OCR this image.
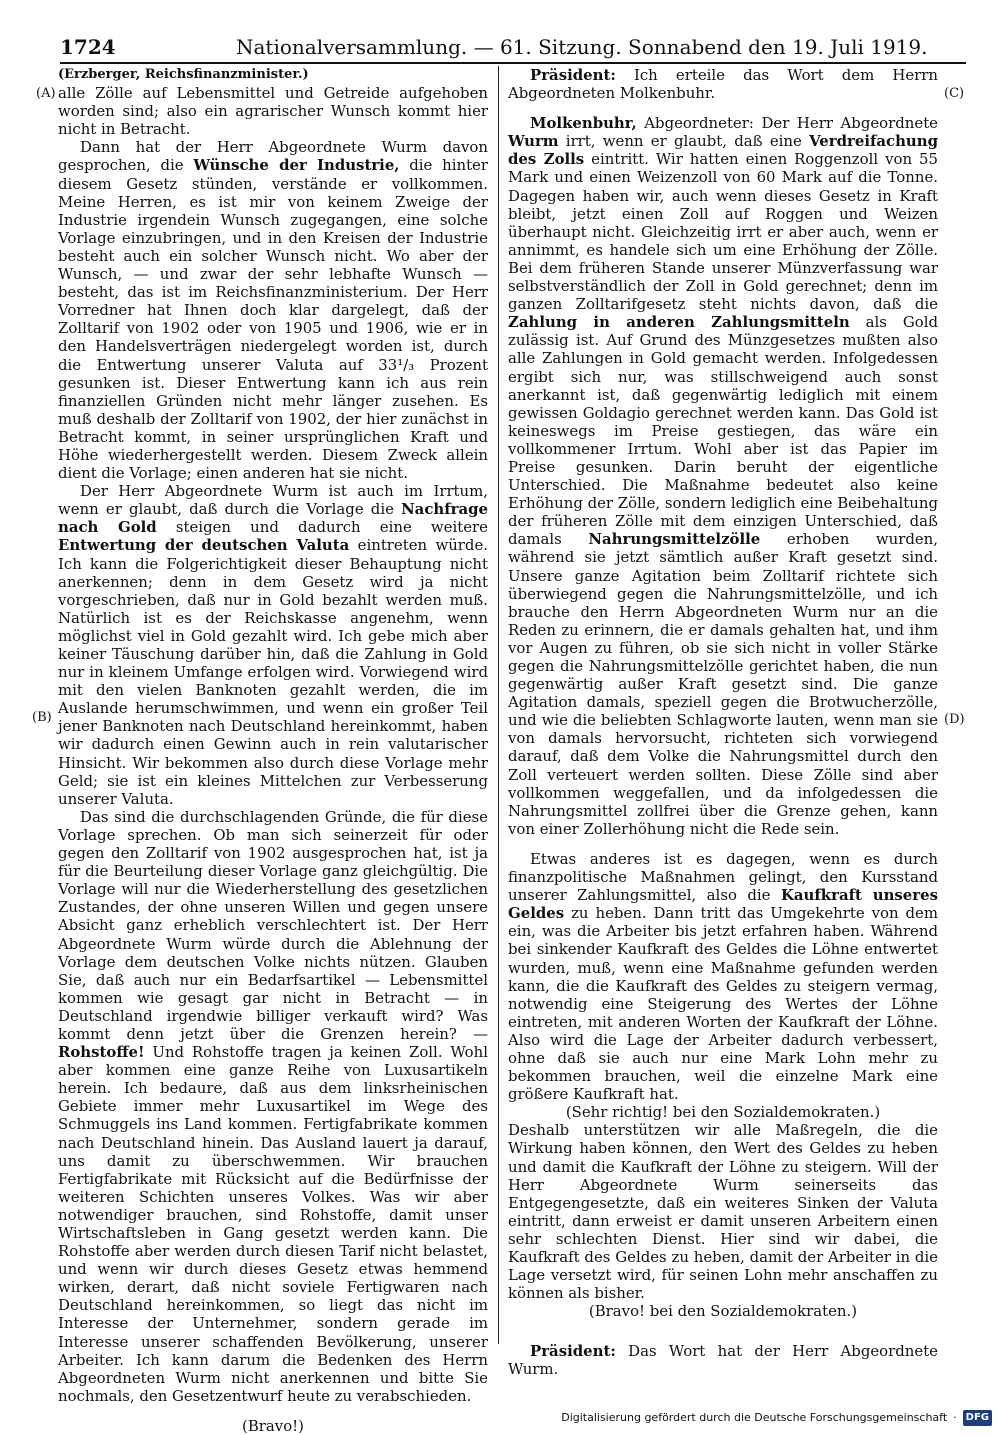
1724	Nationalversammlung. — 61. Sitzung. Sonnabend den 19. Juli 1919.
(A)
(B)
(C)
(D)

(Erzberger, Reichsfinanzminister.)

alle Zölle auf Lebensmittel und Getreide aufgehoben worden sind; also ein agrarischer Wunsch kommt hier nicht in Betracht.

Dann hat der Herr Abgeordnete Wurm davon gesprochen, die Wünsche der Industrie, die hinter diesem Gesetz stünden, verstände er vollkommen. Meine Herren, es ist mir von keinem Zweige der Industrie irgendein Wunsch zugegangen, eine solche Vorlage einzubringen, und in den Kreisen der Industrie besteht auch ein solcher Wunsch nicht. Wo aber der Wunsch, — und zwar der sehr lebhafte Wunsch — besteht, das ist im Reichsfinanzministerium. Der Herr Vorredner hat Ihnen doch klar dargelegt, daß der Zolltarif von 1902 oder von 1905 und 1906, wie er in den Handelsverträgen niedergelegt worden ist, durch die Entwertung unserer Valuta auf 33¹/₃ Prozent gesunken ist. Dieser Entwertung kann ich aus rein finanziellen Gründen nicht mehr länger zusehen. Es muß deshalb der Zolltarif von 1902, der hier zunächst in Betracht kommt, in seiner ursprünglichen Kraft und Höhe wiederhergestellt werden. Diesem Zweck allein dient die Vorlage; einen anderen hat sie nicht.

Der Herr Abgeordnete Wurm ist auch im Irrtum, wenn er glaubt, daß durch die Vorlage die Nachfrage nach Gold steigen und dadurch eine weitere Entwertung der deutschen Valuta eintreten würde. Ich kann die Folgerichtigkeit dieser Behauptung nicht anerkennen; denn in dem Gesetz wird ja nicht vorgeschrieben, daß nur in Gold bezahlt werden muß. Natürlich ist es der Reichskasse angenehm, wenn möglichst viel in Gold gezahlt wird. Ich gebe mich aber keiner Täuschung darüber hin, daß die Zahlung in Gold nur in kleinem Umfange erfolgen wird. Vorwiegend wird mit den vielen Banknoten gezahlt werden, die im Auslande herumschwimmen, und wenn ein großer Teil jener Banknoten nach Deutschland hereinkommt, haben wir dadurch einen Gewinn auch in rein valutarischer Hinsicht. Wir bekommen also durch diese Vorlage mehr Geld; sie ist ein kleines Mittelchen zur Verbesserung unserer Valuta.

Das sind die durchschlagenden Gründe, die für diese Vorlage sprechen. Ob man sich seinerzeit für oder gegen den Zolltarif von 1902 ausgesprochen hat, ist ja für die Beurteilung dieser Vorlage ganz gleichgültig. Die Vorlage will nur die Wiederherstellung des gesetzlichen Zustandes, der ohne unseren Willen und gegen unsere Absicht ganz erheblich verschlechtert ist. Der Herr Abgeordnete Wurm würde durch die Ablehnung der Vorlage dem deutschen Volke nichts nützen. Glauben Sie, daß auch nur ein Bedarfsartikel — Lebensmittel kommen wie gesagt gar nicht in Betracht — in Deutschland irgendwie billiger verkauft wird? Was kommt denn jetzt über die Grenzen herein? — Rohstoffe! Und Rohstoffe tragen ja keinen Zoll. Wohl aber kommen eine ganze Reihe von Luxusartikeln herein. Ich bedaure, daß aus dem linksrheinischen Gebiete immer mehr Luxusartikel im Wege des Schmuggels ins Land kommen. Fertigfabrikate kommen nach Deutschland hinein. Das Ausland lauert ja darauf, uns damit zu überschwemmen. Wir brauchen Fertigfabrikate mit Rücksicht auf die Bedürfnisse der weiteren Schichten unseres Volkes. Was wir aber notwendiger brauchen, sind Rohstoffe, damit unser Wirtschaftsleben in Gang gesetzt werden kann. Die Rohstoffe aber werden durch diesen Tarif nicht belastet, und wenn wir durch dieses Gesetz etwas hemmend wirken, derart, daß nicht soviele Fertigwaren nach Deutschland hereinkommen, so liegt das nicht im Interesse der Unternehmer, sondern gerade im Interesse unserer schaffenden Bevölkerung, unserer Arbeiter. Ich kann darum die Bedenken des Herrn Abgeordneten Wurm nicht anerkennen und bitte Sie nochmals, den Gesetzentwurf heute zu verabschieden.

(Bravo!)

Präsident: Ich erteile das Wort dem Herrn Abgeordneten Molkenbuhr.

Molkenbuhr, Abgeordneter: Der Herr Abgeordnete Wurm irrt, wenn er glaubt, daß eine Verdreifachung des Zolls eintritt. Wir hatten einen Roggenzoll von 55 Mark und einen Weizenzoll von 60 Mark auf die Tonne. Dagegen haben wir, auch wenn dieses Gesetz in Kraft bleibt, jetzt einen Zoll auf Roggen und Weizen überhaupt nicht. Gleichzeitig irrt er aber auch, wenn er annimmt, es handele sich um eine Erhöhung der Zölle. Bei dem früheren Stande unserer Münzverfassung war selbstverständlich der Zoll in Gold gerechnet; denn im ganzen Zolltarifgesetz steht nichts davon, daß die Zahlung in anderen Zahlungsmitteln als Gold zulässig ist. Auf Grund des Münzgesetzes mußten also alle Zahlungen in Gold gemacht werden. Infolgedessen ergibt sich nur, was stillschweigend auch sonst anerkannt ist, daß gegenwärtig lediglich mit einem gewissen Goldagio gerechnet werden kann. Das Gold ist keineswegs im Preise gestiegen, das wäre ein vollkommener Irrtum. Wohl aber ist das Papier im Preise gesunken. Darin beruht der eigentliche Unterschied. Die Maßnahme bedeutet also keine Erhöhung der Zölle, sondern lediglich eine Beibehaltung der früheren Zölle mit dem einzigen Unterschied, daß damals Nahrungsmittelzölle erhoben wurden, während sie jetzt sämtlich außer Kraft gesetzt sind. Unsere ganze Agitation beim Zolltarif richtete sich überwiegend gegen die Nahrungsmittelzölle, und ich brauche den Herrn Abgeordneten Wurm nur an die Reden zu erinnern, die er damals gehalten hat, und ihm vor Augen zu führen, ob sie sich nicht in voller Stärke gegen die Nahrungsmittelzölle gerichtet haben, die nun gegenwärtig außer Kraft gesetzt sind. Die ganze Agitation damals, speziell gegen die Brotwucherzölle, und wie die beliebten Schlagworte lauten, wenn man sie von damals hervorsucht, richteten sich vorwiegend darauf, daß dem Volke die Nahrungsmittel durch den Zoll verteuert werden sollten. Diese Zölle sind aber vollkommen weggefallen, und da infolgedessen die Nahrungsmittel zollfrei über die Grenze gehen, kann von einer Zollerhöhung nicht die Rede sein.

Etwas anderes ist es dagegen, wenn es durch finanzpolitische Maßnahmen gelingt, den Kursstand unserer Zahlungsmittel, also die Kaufkraft unseres Geldes zu heben. Dann tritt das Umgekehrte von dem ein, was die Arbeiter bis jetzt erfahren haben. Während bei sinkender Kaufkraft des Geldes die Löhne entwertet wurden, muß, wenn eine Maßnahme gefunden werden kann, die die Kaufkraft des Geldes zu steigern vermag, notwendig eine Steigerung des Wertes der Löhne eintreten, mit anderen Worten der Kaufkraft der Löhne. Also wird die Lage der Arbeiter dadurch verbessert, ohne daß sie auch nur eine Mark Lohn mehr zu bekommen brauchen, weil die einzelne Mark eine größere Kaufkraft hat.

(Sehr richtig! bei den Sozialdemokraten.)

Deshalb unterstützen wir alle Maßregeln, die die Wirkung haben können, den Wert des Geldes zu heben und damit die Kaufkraft der Löhne zu steigern. Will der Herr Abgeordnete Wurm seinerseits das Entgegengesetzte, daß ein weiteres Sinken der Valuta eintritt, dann erweist er damit unseren Arbeitern einen sehr schlechten Dienst. Hier sind wir dabei, die Kaufkraft des Geldes zu heben, damit der Arbeiter in die Lage versetzt wird, für seinen Lohn mehr anschaffen zu können als bisher.

(Bravo! bei den Sozialdemokraten.)

Präsident: Das Wort hat der Herr Abgeordnete Wurm.

Digitalisierung gefördert durch die Deutsche Forschungsgemeinschaft · DFG
